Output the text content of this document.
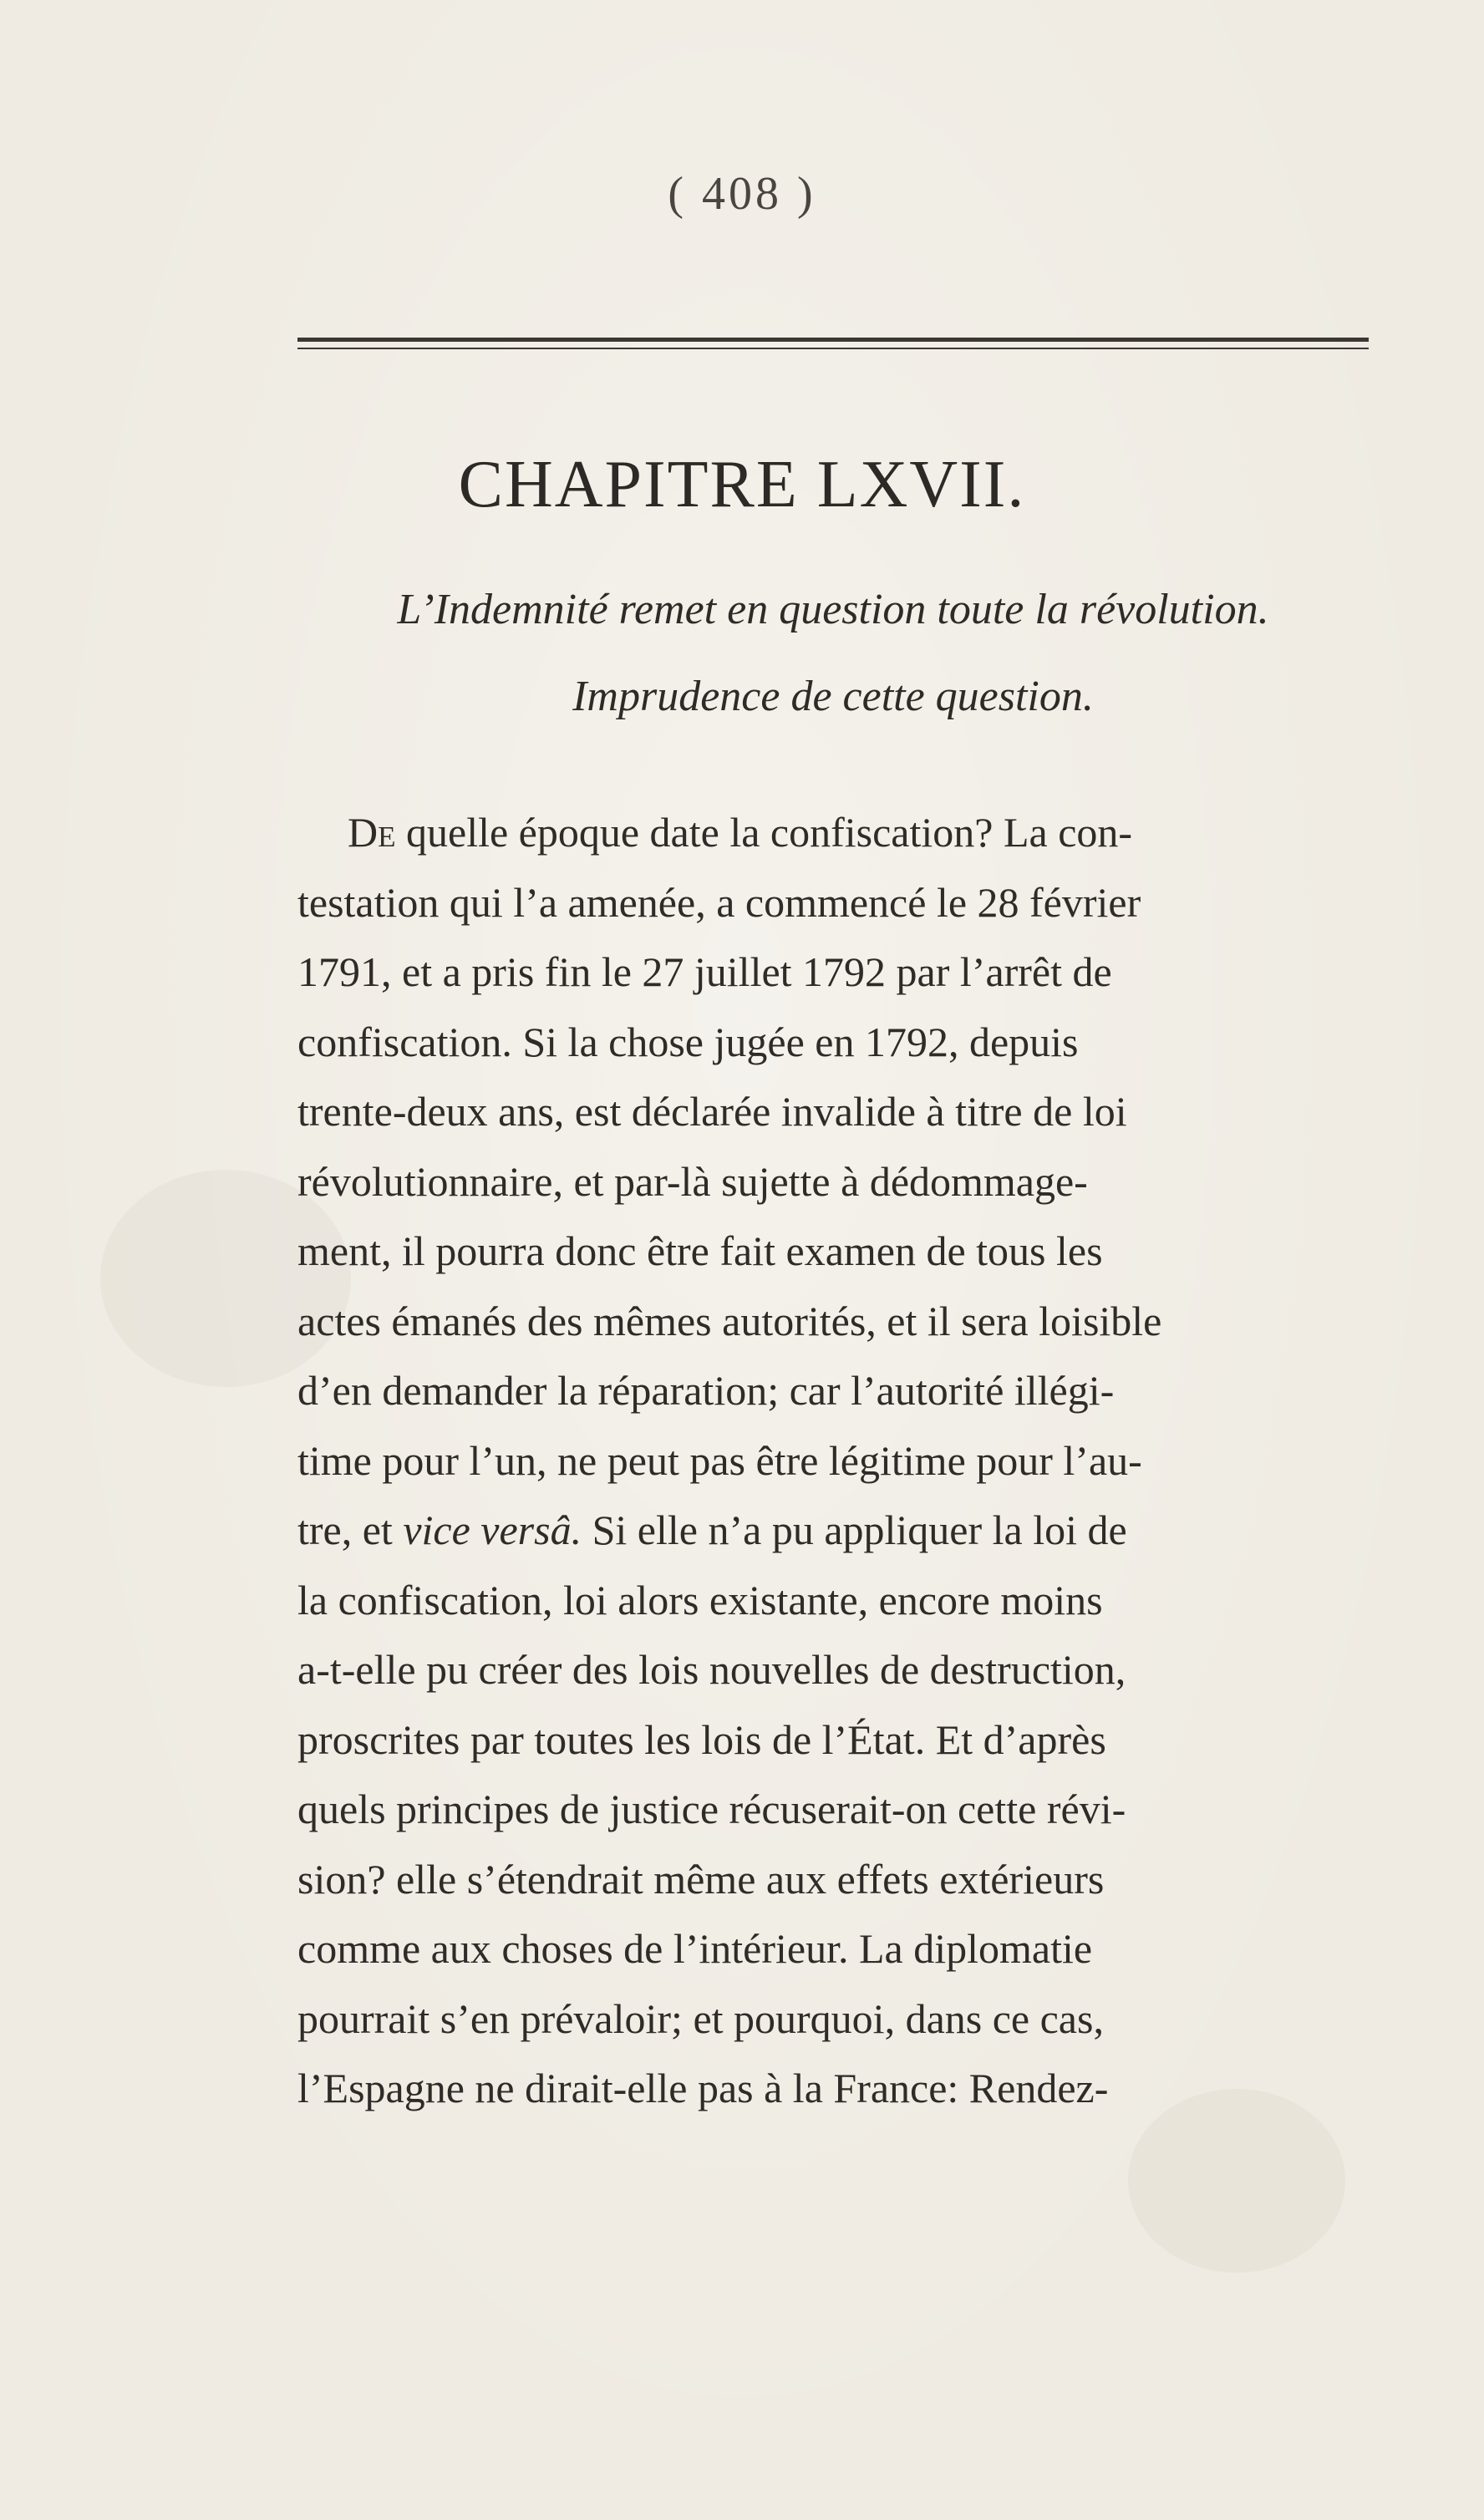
( 408 )
CHAPITRE LXVII.
L’Indemnité remet en question toute la révolution.
Imprudence de cette question.
De quelle époque date la confiscation? La con-
testation qui l’a amenée, a commencé le 28 février
1791, et a pris fin le 27 juillet 1792 par l’arrêt de
confiscation. Si la chose jugée en 1792, depuis
trente-deux ans, est déclarée invalide à titre de loi
révolutionnaire, et par-là sujette à dédommage-
ment, il pourra donc être fait examen de tous les
actes émanés des mêmes autorités, et il sera loisible
d’en demander la réparation; car l’autorité illégi-
time pour l’un, ne peut pas être légitime pour l’au-
tre, et vice versâ. Si elle n’a pu appliquer la loi de
la confiscation, loi alors existante, encore moins
a-t-elle pu créer des lois nouvelles de destruction,
proscrites par toutes les lois de l’État. Et d’après
quels principes de justice récuserait-on cette révi-
sion? elle s’étendrait même aux effets extérieurs
comme aux choses de l’intérieur. La diplomatie
pourrait s’en prévaloir; et pourquoi, dans ce cas,
l’Espagne ne dirait-elle pas à la France: Rendez-
